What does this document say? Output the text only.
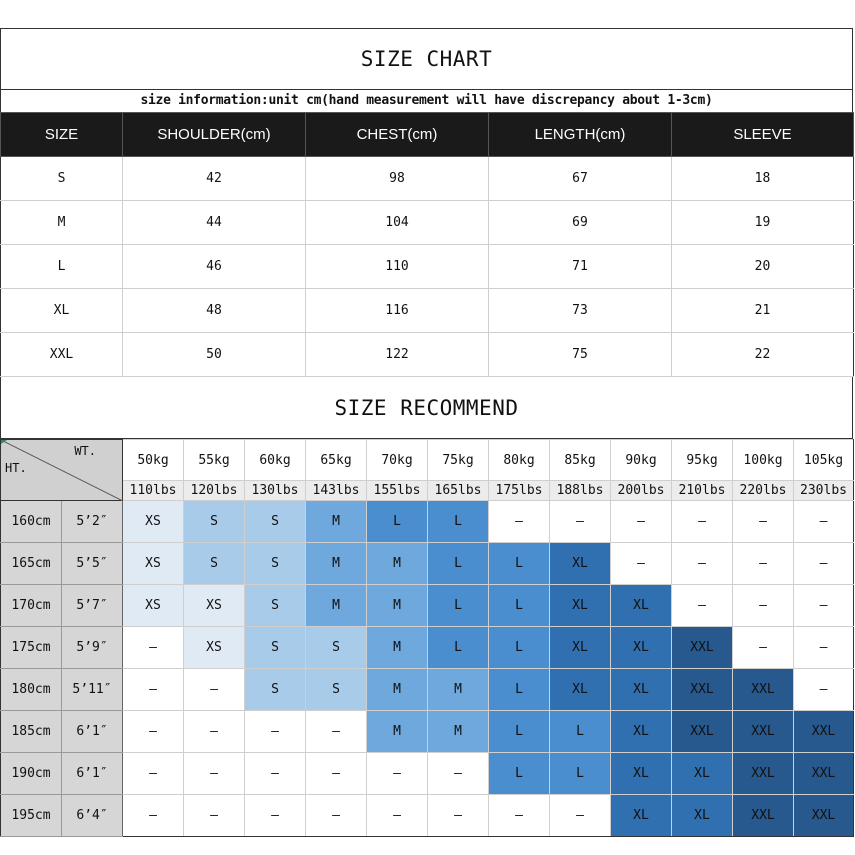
SIZE CHART
size information:unit cm(hand measurement will have discrepancy about 1-3cm)
SIZE	SHOULDER(cm)	CHEST(cm)	LENGTH(cm)	SLEEVE
S	42	98	67	18
M	44	104	69	19
L	46	110	71	20
XL	48	116	73	21
XXL	50	122	75	22
SIZE RECOMMEND
HT.
WT.		50kg	55kg	60kg	65kg	70kg	75kg	80kg	85kg	90kg	95kg	100kg	105kg
		110lbs	120lbs	130lbs	143lbs	155lbs	165lbs	175lbs	188lbs	200lbs	210lbs	220lbs	230lbs
160cm	5’2″	XS	S	S	M	L	L	–	–	–	–	–	–
165cm	5’5″	XS	S	S	M	M	L	L	XL	–	–	–	–
170cm	5’7″	XS	XS	S	M	M	L	L	XL	XL	–	–	–
175cm	5’9″	–	XS	S	S	M	L	L	XL	XL	XXL	–	–
180cm	5’11″	–	–	S	S	M	M	L	XL	XL	XXL	XXL	–
185cm	6’1″	–	–	–	–	M	M	L	L	XL	XXL	XXL	XXL
190cm	6’1″	–	–	–	–	–	–	L	L	XL	XL	XXL	XXL
195cm	6’4″	–	–	–	–	–	–	–	–	XL	XL	XXL	XXL
